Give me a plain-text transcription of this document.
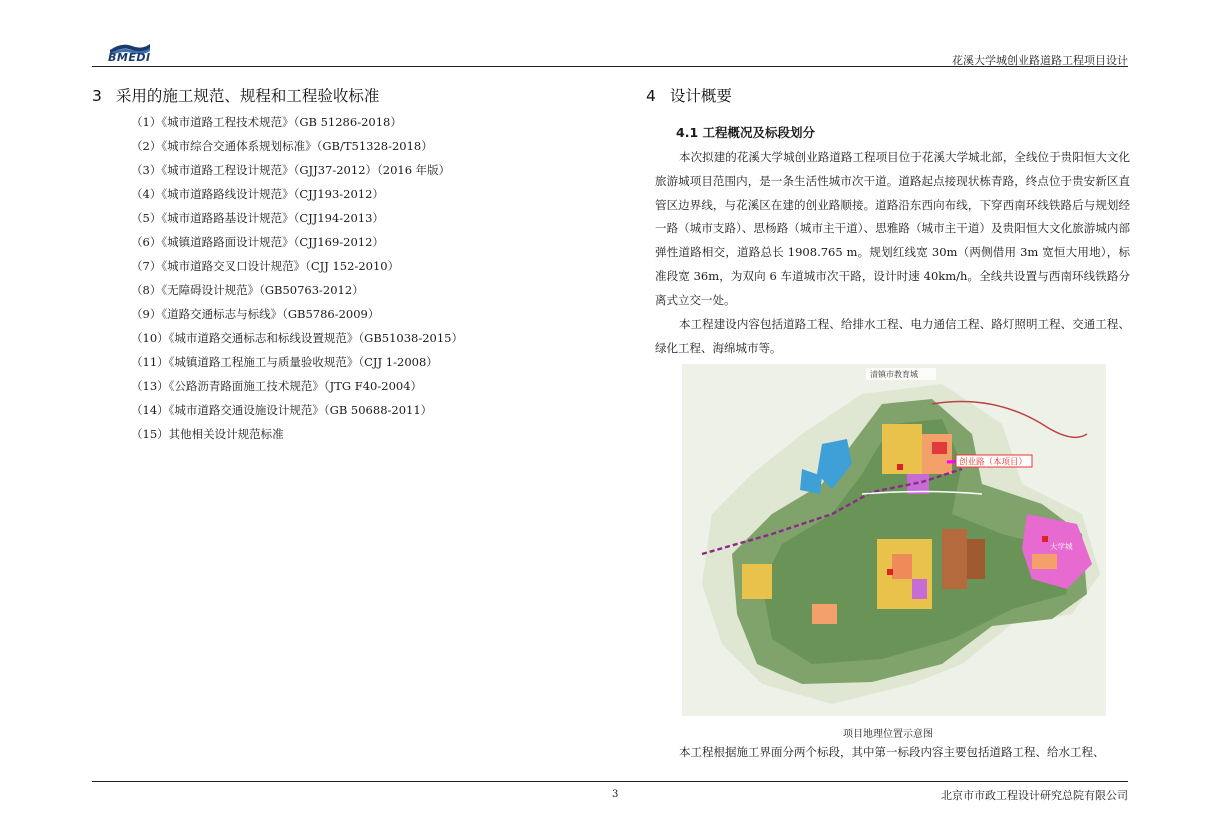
BMEDI	花溪大学城创业路道路工程项目设计
3 采用的施工规范、规程和工程验收标准
（1）《城市道路工程技术规范》（GB 51286-2018）
（2）《城市综合交通体系规划标准》（GB/T51328-2018）
（3）《城市道路工程设计规范》（GJJ37-2012）（2016 年版）
（4）《城市道路路线设计规范》（CJJ193-2012）
（5）《城市道路路基设计规范》（CJJ194-2013）
（6）《城镇道路路面设计规范》（CJJ169-2012）
（7）《城市道路交叉口设计规范》（CJJ 152-2010）
（8）《无障碍设计规范》（GB50763-2012）
（9）《道路交通标志与标线》（GB5786-2009）
（10）《城市道路交通标志和标线设置规范》（GB51038-2015）
（11）《城镇道路工程施工与质量验收规范》（CJJ 1-2008）
（13）《公路沥青路面施工技术规范》（JTG F40-2004）
（14）《城市道路交通设施设计规范》（GB 50688-2011）
（15）其他相关设计规范标准
4 设计概要
4.1 工程概况及标段划分

本次拟建的花溪大学城创业路道路工程项目位于花溪大学城北部，全线位于贵阳恒大文化旅游城项目范围内，是一条生活性城市次干道。道路起点接现状栋青路，终点位于贵安新区直管区边界线，与花溪区在建的创业路顺接。道路沿东西向布线，下穿西南环线铁路后与规划经一路（城市支路）、思杨路（城市主干道）、思雅路（城市主干道）及贵阳恒大文化旅游城内部弹性道路相交，道路总长 1908.765 m。规划红线宽 30m（两侧借用 3m 宽恒大用地），标准段宽 36m，为双向 6 车道城市次干路，设计时速 40km/h。全线共设置与西南环线铁路分离式立交一处。

本工程建设内容包括道路工程、给排水工程、电力通信工程、路灯照明工程、交通工程、绿化工程、海绵城市等。

清镇市教育城
创业路（本项目）
大学城
项目地理位置示意图

本工程根据施工界面分两个标段，其中第一标段内容主要包括道路工程、给水工程、

3	北京市市政工程设计研究总院有限公司
